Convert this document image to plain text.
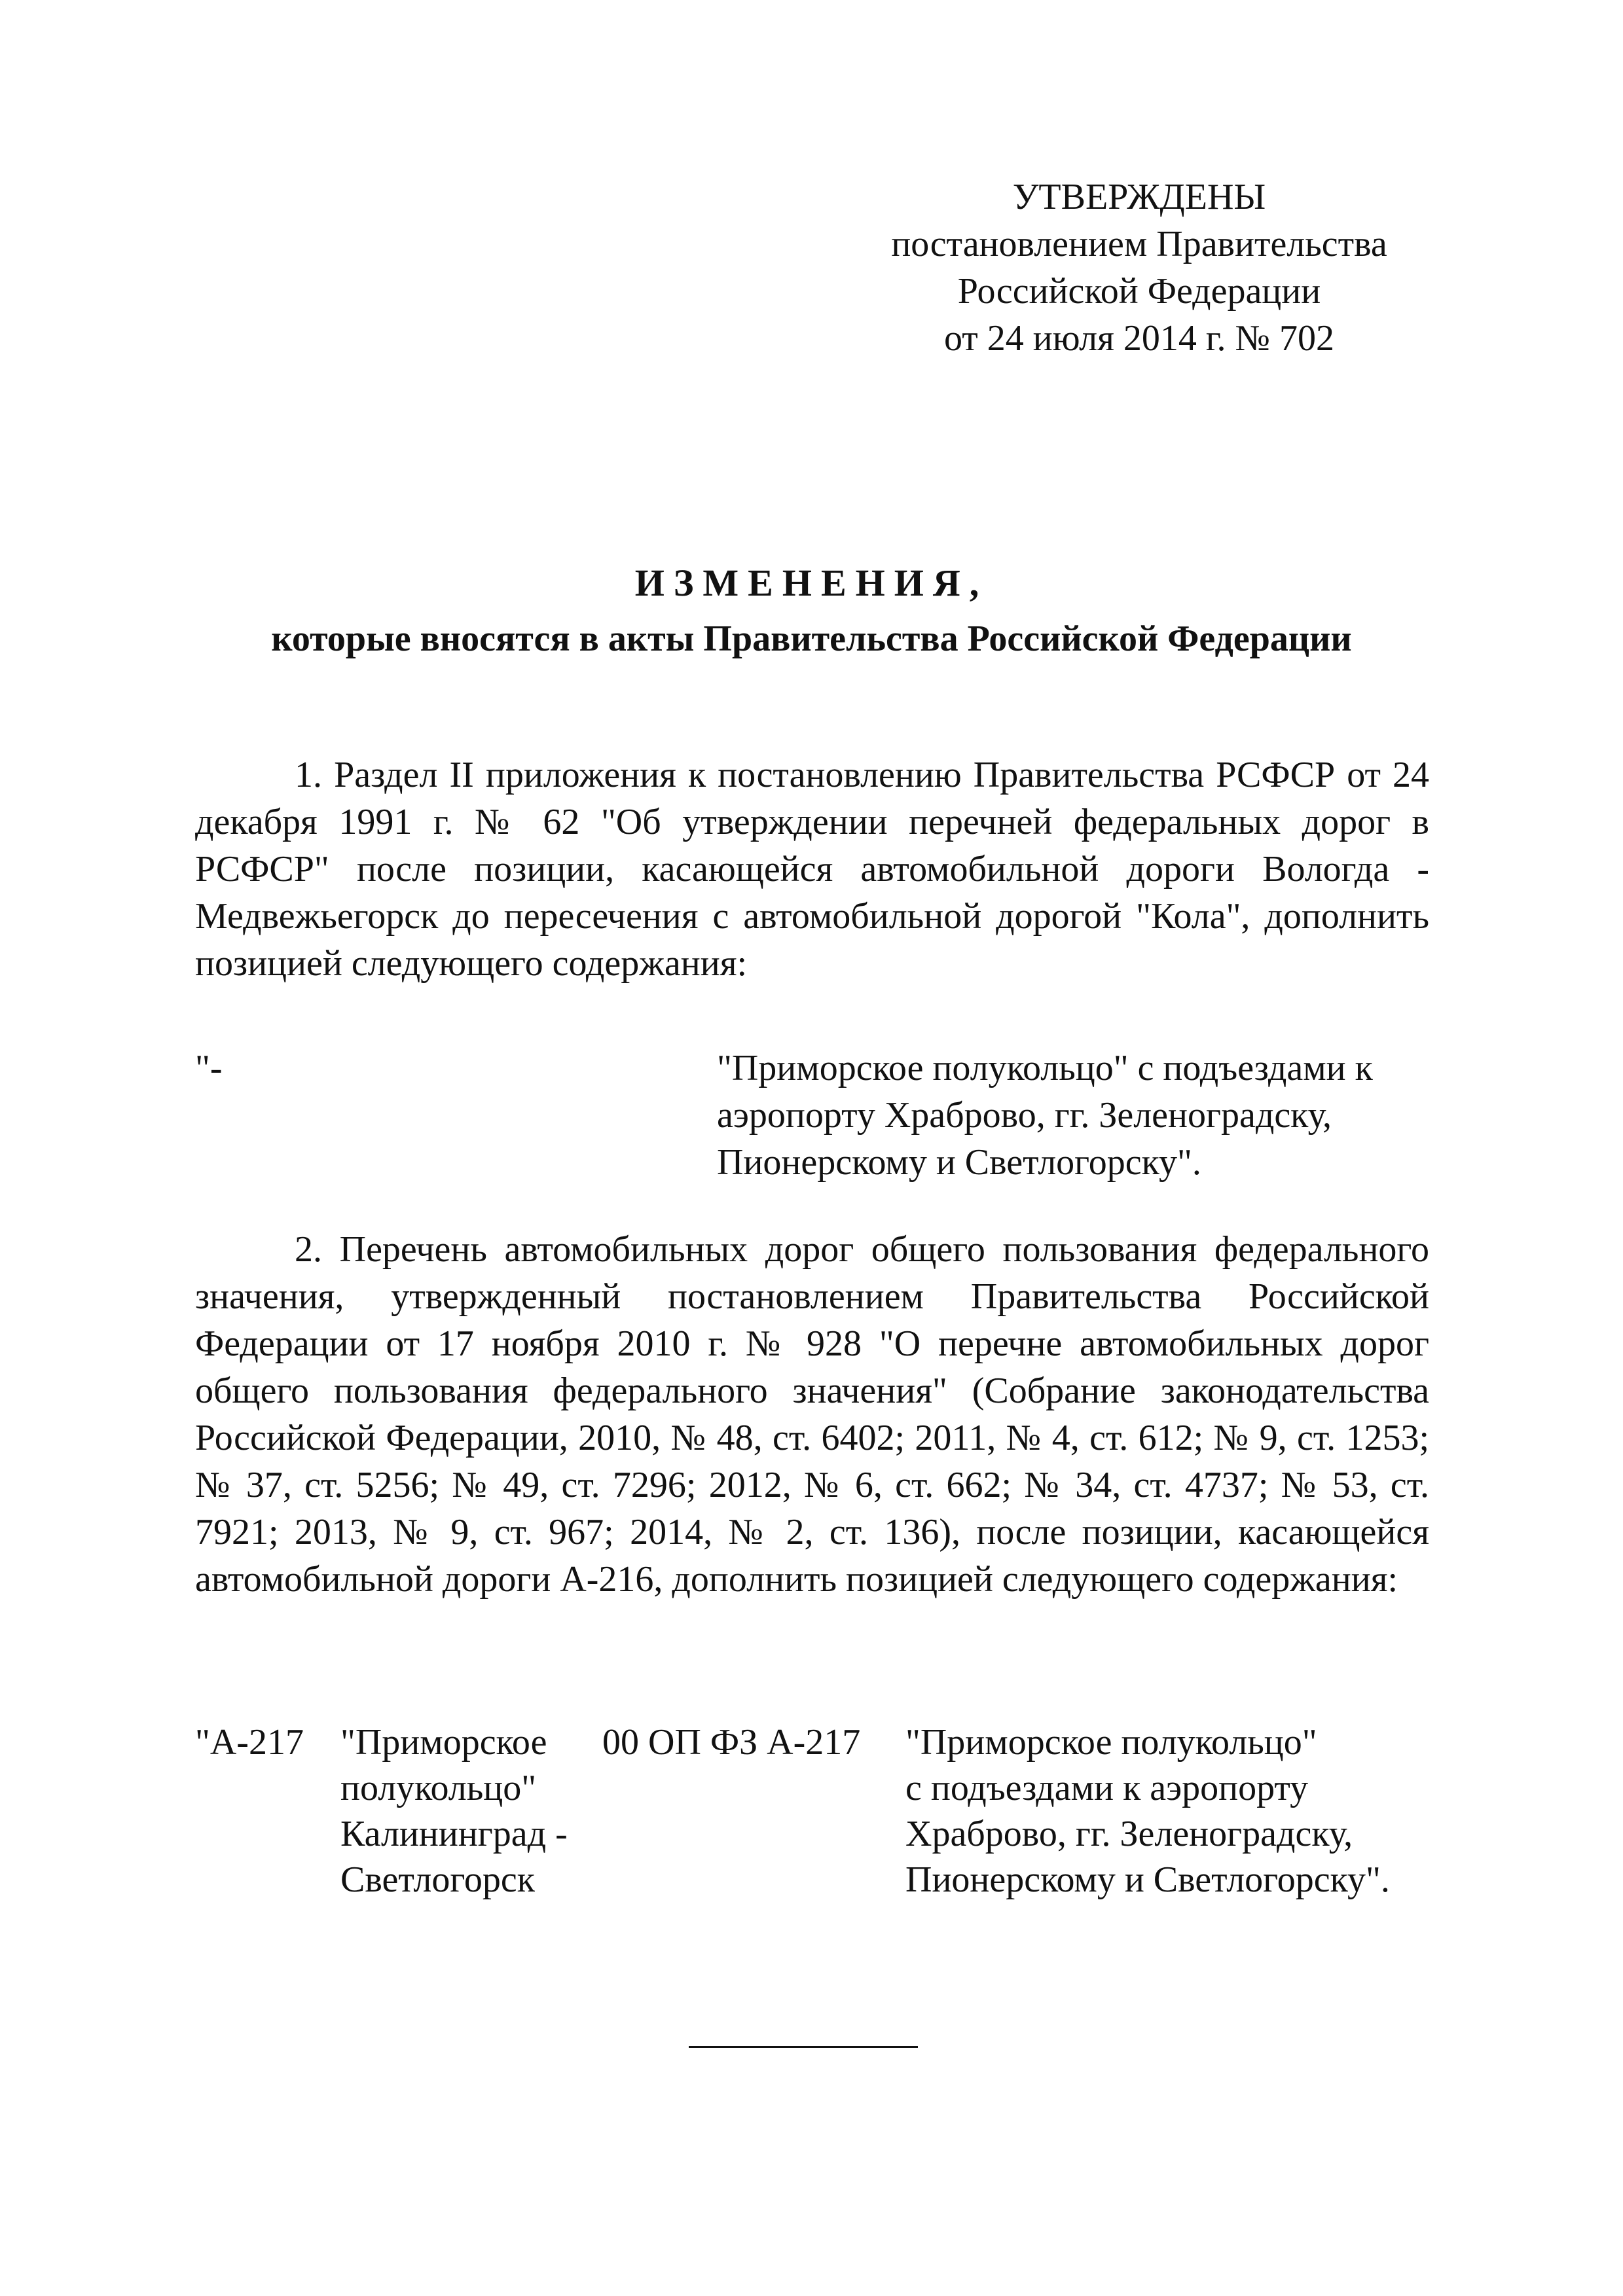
УТВЕРЖДЕНЫ
постановлением Правительства
Российской Федерации
от 24 июля 2014 г. № 702
ИЗМЕНЕНИЯ,
которые вносятся в акты Правительства Российской Федерации
1. Раздел II приложения к постановлению Правительства РСФСР от 24 декабря 1991 г. № 62 "Об утверждении перечней федеральных дорог в РСФСР" после позиции, касающейся автомобильной дороги Вологда - Медвежьегорск до пересечения с автомобильной дорогой "Кола", дополнить позицией следующего содержания:
"-	"Приморское полукольцо" с подъездами к аэропорту Храброво, гг. Зеленоградску, Пионерскому и Светлогорску".
2. Перечень автомобильных дорог общего пользования федерального значения, утвержденный постановлением Правительства Российской Федерации от 17 ноября 2010 г. № 928 "О перечне автомобильных дорог общего пользования федерального значения" (Собрание законодательства Российской Федерации, 2010, № 48, ст. 6402; 2011, № 4, ст. 612; № 9, ст. 1253; № 37, ст. 5256; № 49, ст. 7296; 2012, № 6, ст. 662; № 34, ст. 4737; № 53, ст. 7921; 2013, № 9, ст. 967; 2014, № 2, ст. 136), после позиции, касающейся автомобильной дороги А-216, дополнить позицией следующего содержания:
"А-217 "Приморское
полукольцо"
Калининград -
Светлогорск
00 ОП ФЗ А-217	"Приморское полукольцо"
с подъездами к аэропорту
Храброво, гг. Зеленоградску,
Пионерскому и Светлогорску".
